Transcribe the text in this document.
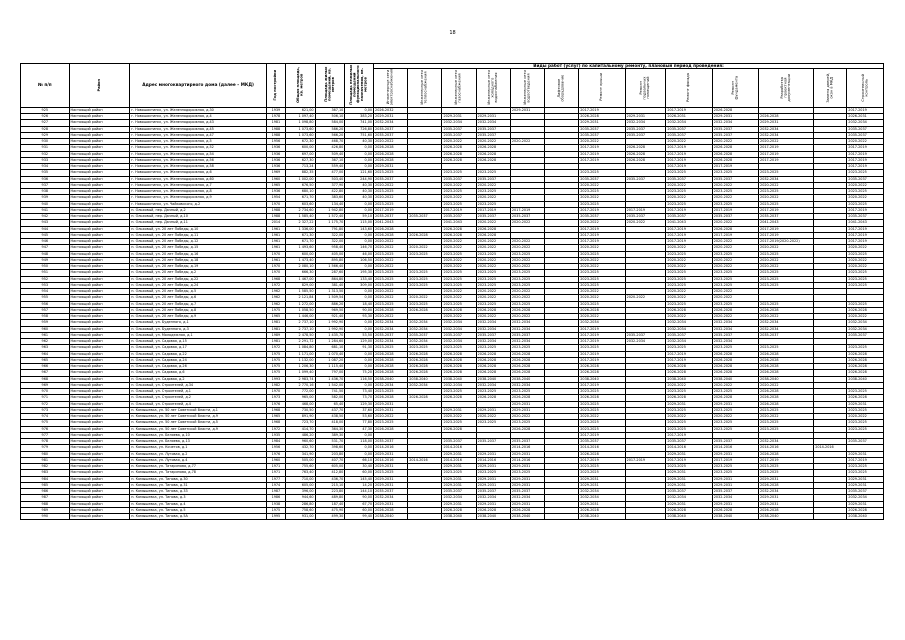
18
№ п/п	Район	Адрес многоквартирного дома (далее – МКД)	Год постройки	Общая площадь, кв. метров	Площадь жилых помещений, кв. метров	Площадь нежилых помещений функционального назначения, кв. метров	Виды работ (услуг) по капитальному ремонту, плановый период проведения:												
							Инженерные сети электроснабжения	Инженерные сети теплоснабжения	Инженерные сети газоснабжения	Инженерные сети холодного водоснабжения	Инженерные сети водоотведения	Лифтовое оборудование	Ремонт крыши	Ремонт подвальных помещений	Ремонт фасада	Ремонт фундамента	Разработка проектной документации	Замена дверей, окон в МКД	Строительный контроль
925	Настоящий район	г. Новошахтинск, ул. Железнодорожная, д.30	1939	621,00	367,10	0,00	2026-2032				2029-2031		2017-2019		2017-2019	2026-2028			2017-2019
926	Настоящий район	г. Новошахтинск, ул. Железнодорожная, д.4	1978	1 097,40	506,10	383,20	2029-2031		2029-2031	2029-2031			2026-2028	2029-2031	2026-2031	2029-2031	2026-2028		2026-2031
927	Настоящий район	г. Новошахтинск, ул. Железнодорожная, д.43	1981	1 098,80	584,00	741,00	2032-2034		2032-2034	2032-2034			2029-2031	2032-2034	2032-2034	2032-2034	2029-2031		2032-2034
928	Настоящий район	г. Новошахтинск, ул. Железнодорожная, д.45	1988	1 073,60	586,20	726,80	2035-2037		2035-2037	2035-2037			2035-2037	2035-2037	2035-2037	2035-2037	2032-2034		2035-2037
929	Настоящий район	г. Новошахтинск, ул. Железнодорожная, д.47	1988	1 073,60	566,20	751,60	2035-2037		2035-2037	2035-2037			2035-2037	2035-2037	2035-2037	2035-2037	2032-2034		2035-2037
930	Настоящий район	г. Новошахтинск, ул. Железнодорожная, д.5	1956	672,30	468,70	40,30	2020-2022		2020-2022	2020-2022	2020-2022		2020-2022		2020-2022	2020-2022	2020-2022		2020-2022
931	Настоящий район	г. Новошахтинск, ул. Железнодорожная, д.52	1936	600,00	426,80	0,00	2026-2028		2026-2028	2026-2028			2017-2019	2026-2028	2017-2019	2026-2028	2017-2019		2017-2019
932	Настоящий район	г. Новошахтинск, ул. Железнодорожная, д.54	1936	697,00	509,40	0,00	2026-2028		2026-2028	2026-2028			2017-2019	2026-2028	2017-2019	2026-2028	2017-2019		2017-2019
933	Настоящий район	г. Новошахтинск, ул. Железнодорожная, д.56	1936	627,30	367,10	0,00	2026-2028		2026-2028	2026-2028			2017-2019	2026-2028	2017-2019	2026-2028	2017-2019		2017-2019
934	Настоящий район	г. Новошахтинск, ул. Железнодорожная, д.58	1936	713,24	559,40	0,00	2029-2031								2017-2019	2017-2019			2017-2019
935	Настоящий район	г. Новошахтинск, ул. Железнодорожная, д.6	1969	882,35	477,00	121,60	2023-2025		2023-2025	2023-2025			2023-2025		2023-2025	2023-2025	2023-2025		2023-2025
936	Настоящий район	г. Новошахтинск, ул. Железнодорожная, д.60	1960	1 002,00	503,40	244,90	2035-2037		2035-2037	2035-2037			2035-2037	2035-2037	2035-2037	2035-2037	2032-2034		2035-2037
937	Настоящий район	г. Новошахтинск, ул. Железнодорожная, д.7	1965	676,50	377,90	40,30	2020-2022		2020-2022	2020-2022			2020-2022		2020-2022	2020-2022	2020-2022		2020-2022
938	Настоящий район	г. Новошахтинск, ул. Железнодорожная, д.8	1936	680,10	422,80	40,30	2023-2025		2023-2025	2023-2025			2023-2025		2023-2025	2023-2025	2023-2025		2023-2025
939	Настоящий район	г. Новошахтинск, ул. Железнодорожная, д.9	1954	671,70	383,60	40,30	2020-2022		2020-2022	2020-2022			2020-2022		2020-2022	2020-2022	2020-2022		2020-2022
940	Настоящий район	г. Новошахтинск, ул. Чайковского, д.2	1970	603,60	134,40	0,00	2023-2025		2023-2025	2023-2025			2023-2025		2023-2025	2023-2025	2023-2025		2023-2025
941	Настоящий район	п. Ольховый, пер. Дачный, д.2	1988	2 734,60	1 942,80	0,00	2017-2019		2017-2019	2017-2019	2017-2019		2017-2019	2017-2019	2017-2019	2017-2019	2017-2019		2017-2019
942	Настоящий район	п. Ольховый, пер. Дачный, д.10	1988	1 585,40	1 572,40	59,10	2035-2037	2035-2037	2035-2037	2035-2037	2035-2037		2035-2037	2035-2037	2035-2037	2035-2037	2035-2037		2035-2037
943	Настоящий район	п. Ольховый, пер. Дачный, д.11	2014	2 327,22	1 175,70	115,00	2041-2043		2041-2043	2020-2022	2020-2022		2020-2022	2020-2022	2041-2043	2020-2022	2041-2043		2041-2043
944	Настоящий район	п. Ольховый, ул. 20 лет Победы, д.10	1961	1 336,00	791,80	143,60	2026-2028		2026-2028	2026-2028			2017-2019		2017-2019	2026-2028	2017-2019		2017-2019
945	Настоящий район	п. Ольховый, ул. 20 лет Победы, д.11	1961	671,30	322,00	0,00	2026-2028	2026-2028	2026-2028	2026-2028			2017-2019		2017-2019	2017-2019	2017-2019		2017-2019
946	Настоящий район	п. Ольховый, ул. 20 лет Победы, д.12	1961	671,70	322,00	0,00	2020-2022		2020-2022	2020-2022	2020-2022		2017-2019		2017-2019	2020-2022	2017-2019(2020-2022)		2017-2019
947	Настоящий район	п. Ольховый, ул. 20 лет Победы, д.15	1961	1 493,60	958,40	146,70	2020-2022	2020-2022	2020-2022	2020-2022	2020-2022		2020-2022		2020-2022	2020-2022	2020-2022		2020-2022
948	Настоящий район	п. Ольховый, ул. 20 лет Победы, д.16	1970	600,00	405,00	46,00	2023-2025	2023-2025	2023-2025	2023-2025	2023-2025		2023-2025		2023-2025	2023-2025	2023-2025		2023-2025
949	Настоящий район	п. Ольховый, ул. 20 лет Победы, д.18	1961	1 473,40	895,80	106,50	2020-2022		2020-2022	2020-2022	2020-2022		2020-2022		2020-2022	2020-2022	2020-2022		2020-2022
950	Настоящий район	п. Ольховый, ул. 20 лет Победы, д.19	1970	2 080,10	1 566,40	0,00	2020-2022		2020-2022	2020-2022	2020-2022		2020-2022		2020-2022	2020-2022	2020-2022		2020-2022
951	Настоящий район	п. Ольховый, ул. 20 лет Победы, д.2	1970	666,30	287,60	195,30	2023-2025	2023-2025	2023-2025	2023-2025	2023-2025		2023-2025		2023-2025	2023-2025	2023-2025		2023-2025
952	Настоящий район	п. Ольховый, ул. 20 лет Победы, д.22	1968	1 467,00	864,80	133,40	2023-2025	2023-2025	2023-2025	2023-2025	2023-2025		2023-2025		2023-2025	2023-2025	2023-2025		2023-2025
953	Настоящий район	п. Ольховый, ул. 20 лет Победы, д.24	1972	829,00	381,40	309,00	2023-2025	2023-2025	2023-2025	2023-2025	2023-2025		2023-2025		2023-2025	2023-2025	2023-2025		2023-2025
954	Настоящий район	п. Ольховый, ул. 20 лет Победы, д.5	1962	1 585,50	1 313,50	0,00	2020-2022		2020-2022	2020-2022	2020-2022		2020-2022		2020-2022	2020-2022			
955	Настоящий район	п. Ольховый, ул. 20 лет Победы, д.6	1962	2 121,84	1 509,54	0,00	2020-2022	2020-2022	2020-2022	2020-2022	2020-2022		2020-2022	2020-2022	2020-2022	2020-2022			
956	Настоящий район	п. Ольховый, ул. 20 лет Победы, д.7	1962	1 272,00	886,20	18,40	2023-2025	2023-2025	2023-2025	2023-2025	2023-2025		2023-2025		2023-2025	2023-2025	2023-2025		2023-2025
957	Настоящий район	п. Ольховый, ул. 20 лет Победы, д.8	1975	1 058,50	969,50	90,00	2026-2028	2026-2028	2026-2028	2026-2028	2026-2028		2026-2028		2026-2028	2026-2028	2026-2028		2026-2028
958	Настоящий район	п. Ольховый, ул. 20 лет Победы, д.9	1965	1 446,00	921,40	93,30	2020-2022		2020-2022	2020-2022	2020-2022		2020-2022		2020-2022	2020-2022	2020-2022		2020-2022
959	Настоящий район	п. Ольховый, ул. Буденного, д.1	1981	2 737,10	1 992,90	0,00	2032-2034	2032-2034	2032-2034	2032-2034	2032-2034		2032-2034		2032-2034	2032-2034	2032-2034		2032-2034
960	Настоящий район	п. Ольховый, ул. Буденного, д.3	1981	2 737,10	1 992,90	0,00	2032-2034	2032-2034	2032-2034	2032-2034	2032-2034		2017-2019		2032-2034	2032-2034	2032-2034		2032-2034
961	Настоящий район	п. Ольховый, ул. Молодежная, д.1	1989	2 478,50	1 435,70	53,50	2035-2037	2035-2037	2035-2037	2035-2037	2035-2037		2017-2019	2035-2037	2035-2037	2035-2037	2035-2037		2035-2037
962	Настоящий район	п. Ольховый, ул. Садовая, д.15	1981	2 291,72	1 284,60	129,00	2032-2034	2032-2034	2032-2034	2032-2034	2032-2034		2017-2019	2032-2034	2032-2034	2032-2034			
963	Настоящий район	п. Ольховый, ул. Садовая, д.17	1972	1 084,80	681,10	91,30	2023-2025	2023-2025	2023-2025	2023-2025	2023-2025		2023-2025		2023-2025	2023-2025	2023-2025		2023-2025
964	Настоящий район	п. Ольховый, ул. Садовая, д.22	1975	1 171,00	1 070,40	0,00	2026-2028	2026-2028	2026-2028	2026-2028	2026-2028		2017-2019		2017-2019	2026-2028	2026-2028		2026-2028
965	Настоящий район	п. Ольховый, ул. Садовая, д.24	1975	1 132,00	1 087,20	0,00	2026-2028	2026-2028	2026-2028	2026-2028	2026-2028		2017-2019		2017-2019	2026-2028	2026-2028		2026-2028
966	Настоящий район	п. Ольховый, ул. Садовая, д.26	1975	1 206,30	1 115,40	0,00	2026-2028	2026-2028	2026-2028	2026-2028	2026-2028		2026-2028		2026-2028	2026-2028	2026-2028		2026-2028
967	Настоящий район	п. Ольховый, ул. Садовая, д.6	1975	1 099,40	797,00	75,20	2026-2028	2026-2028	2026-2028	2026-2028	2026-2028		2026-2028		2026-2028	2026-2028	2026-2028		2026-2028
968	Настоящий район	п. Ольховый, ул. Садовая, д.2	1993	2 983,74	1 436,70	116,50	2038-2040	2038-2040	2038-2040	2038-2040	2038-2040		2038-2040		2038-2040	2038-2040	2038-2040		2038-2040
969	Настоящий район	п. Ольховый, ул. Строителей, д.34	1982	2 770,16	1 542,00	0,00	2032-2034	2032-2034	2032-2034	2032-2034	2032-2034		2017-2019		2020-2022	2020-2022	2020-2022		
970	Настоящий район	п. Ольховый, ул. Строителей, д.1	1970	772,00	741,50	73,40	2023-2025		2023-2025	2023-2025	2023-2025		2023-2025		2023-2025	2023-2025	2026-2028		2023-2025
971	Настоящий район	п. Ольховый, ул. Строителей, д.2	1973	965,00	582,00	73,70	2026-2028	2026-2028	2026-2028	2026-2028	2026-2028		2026-2028		2026-2028	2026-2028	2026-2028		2026-2028
972	Настоящий район	п. Ольховый, ул. Строителей, д.4	1976	468,00	65,40	129,30	2029-2031				2029-2031		2023-2025		2029-2031	2029-2031	2026-2028		2029-2031
973	Настоящий район	п. Комышевка, ул. 50 лет Советской Власти, д.1	1968	730,50	437,70	37,60	2029-2031		2029-2031	2029-2031	2029-2031		2023-2025		2023-2025	2023-2025	2023-2025		2023-2025
974	Настоящий район	п. Комышевка, ул. 50 лет Советской Власти, д.9	1965	891,90	438,50	53,60	2020-2022		2020-2022	2020-2022	2020-2022		2020-2022		2020-2022	2020-2022	2020-2022		2020-2022
975	Настоящий район	п. Комышевка, ул. 50 лет Советской Власти, д.5	1968	723,70	418,00	77,80	2023-2025		2023-2025	2023-2025	2023-2025		2023-2025		2023-2025	2023-2025	2023-2025		2023-2025
976	Настоящий район	п. Комышевка, ул. 50 лет Советской Власти, д.9	1972	414,70	364,30	47,30	2026-2028		2026-2028		2026-2028		2023-2025		2023-2025	2023-2025	2023-2025		2023-2025
977	Настоящий район	п. Комышевка, ул. Беляева, д.10	1935	486,20	389,30	0,00							2017-2019		2017-2019				
978	Настоящий район	п. Комышевка, ул. Беляева, д.13	1984	960,60	531,70	118,00	2035-2037		2035-2037	2035-2037	2035-2037		2035-2037		2035-2037	2035-2037	2032-2034		2035-2037
979	Настоящий район	п. Комышевка, ул. Кочетов, д.1	1956	432,70	398,60	0,00	2014-2016		2014-2016		2014-2016		2014-2016		2014-2016	2014-2016	2014-2016	2014-2016	
980	Настоящий район	п. Комышевка, ул. Луговая, д.2	1976	341,90	203,80	0,00	2029-2031		2029-2031	2029-2031	2029-2031		2026-2028		2029-2031	2029-2031	2026-2028		2029-2031
981	Настоящий район	п. Комышевка, ул. Луговая, д.4	1960	505,00	407,70	66,10	2014-2016	2014-2016	2014-2016	2014-2016	2014-2016		2017-2019	2017-2019	2017-2019	2017-2019	2017-2019		2017-2019
982	Настоящий район	п. Комышевка, ул. Татаринова, д.77	1971	755,60	605,00	30,40	2029-2031		2029-2031	2029-2031	2029-2031		2023-2025		2023-2025	2023-2025	2023-2025		2023-2025
983	Настоящий район	п. Комышевка, ул. Татаринова, д.78	1971	763,40	412,80	60,00	2023-2025		2023-2025	2023-2025	2023-2025		2023-2025		2029-2031	2023-2025	2023-2025		2023-2025
984	Настоящий район	п. Комышевка, ул. Типова, д.30	1977	710,00	436,70	145,40	2029-2031		2029-2031	2029-2031	2029-2031		2029-2031		2029-2031	2029-2031	2029-2031		2029-2031
985	Настоящий район	п. Комышевка, ул. Типова, д.31	1974	605,00	215,10	14,20	2029-2031		2029-2031	2029-2031	2029-2031		2029-2031		2029-2031	2029-2031	2026-2028		2029-2031
986	Настоящий район	п. Комышевка, ул. Типова, д.33	1987	396,00	223,80	144,10	2035-2037		2035-2037	2035-2037	2035-2037		2032-2034		2035-2037	2035-2037	2032-2034		2035-2037
987	Настоящий район	п. Комышевка, ул. Типова, д.3	1986	944,60	489,80	90,00	2032-2034		2032-2034	2032-2034	2032-2034		2032-2034		2032-2034	2032-2034	2029-2031		2032-2034
988	Настоящий район	п. Комышевка, ул. Типова, д.4	1938	286,80	187,40	67,70	2029-2031		2029-2031	2029-2031	2029-2031		2029-2031		2029-2031	2029-2031	2029-2031		2029-2031
989	Настоящий район	п. Комышевка, ул. Типова, д.5	1975	758,60	475,90	60,00	2026-2028		2026-2028	2026-2028	2026-2028		2026-2028		2026-2028	2026-2028	2026-2028		2026-2028
990	Настоящий район	п. Комышевка, ул. Типова, д.5А	1995	931,00	499,30	99,40	2038-2040		2038-2040	2038-2040	2038-2040		2038-2040		2038-2040	2038-2040	2038-2040		2038-2040
